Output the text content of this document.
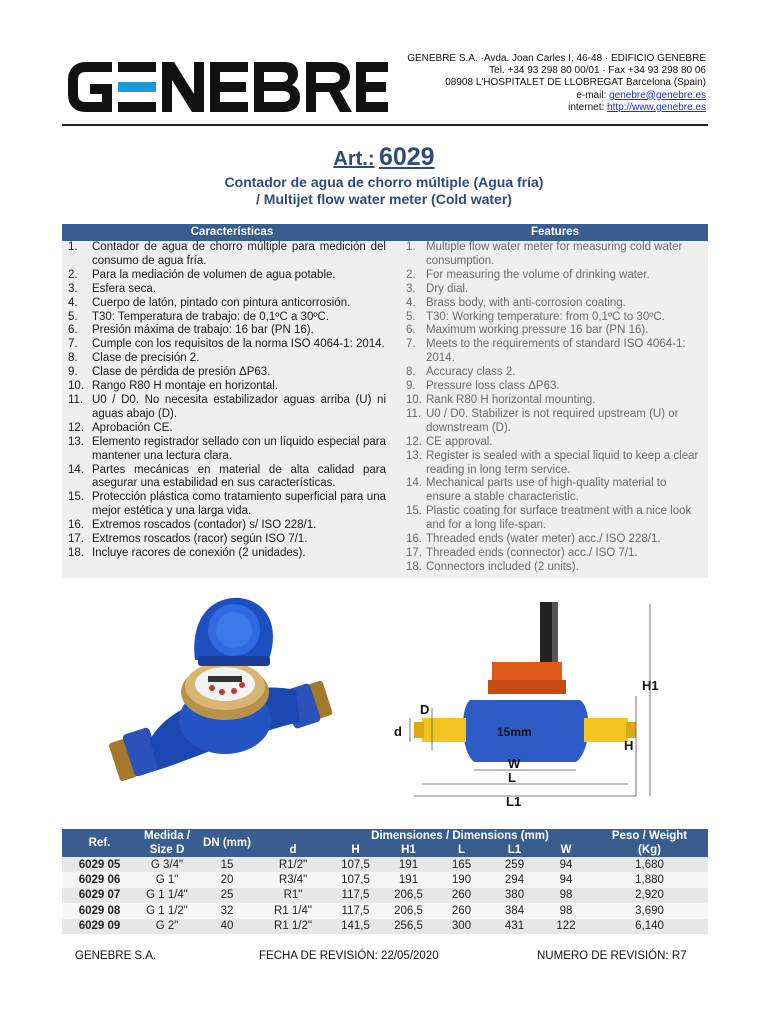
GENEBRE S.A. ·Avda. Joan Carles I, 46-48 · EDIFICIO GENEBRE
Tel. +34 93 298 80 00/01 · Fax +34 93 298 80 06
08908 L'HOSPITALET DE LLOBREGAT Barcelona (Spain)
e-mail: genebre@genebre.es
internet: http://www.genebre.es
Art.: 6029
Contador de agua de chorro múltiple (Agua fría)
/ Multijet flow water meter (Cold water)
Características	Features
1. Contador de agua de chorro múltiple para medición del consumo de agua fría.
2. Para la mediación de volumen de agua potable.
3. Esfera seca.
4. Cuerpo de latón, pintado con pintura anticorrosión.
5. T30: Temperatura de trabajo: de 0,1ºC a 30ºC.
6. Presión máxima de trabajo: 16 bar (PN 16).
7. Cumple con los requisitos de la norma ISO 4064-1: 2014.
8. Clase de precisión 2.
9. Clase de pérdida de presión ΔP63.
10. Rango R80 H montaje en horizontal.
11. U0 / D0. No necesita estabilizador aguas arriba (U) ni aguas abajo (D).
12. Aprobación CE.
13. Elemento registrador sellado con un líquido especial para mantener una lectura clara.
14. Partes mecánicas en material de alta calidad para asegurar una estabilidad en sus características.
15. Protección plástica como tratamiento superficial para una mejor estética y una larga vida.
16. Extremos roscados (contador) s/ ISO 228/1.
17. Extremos roscados (racor) según ISO 7/1.
18. Incluye racores de conexión (2 unidades).
1. Multiple flow water meter for measuring cold water consumption.
2. For measuring the volume of drinking water.
3. Dry dial.
4. Brass body, with anti-corrosion coating.
5. T30: Working temperature: from 0,1ºC to 30ºC.
6. Maximum working pressure 16 bar (PN 16).
7. Meets to the requirements of standard ISO 4064-1: 2014.
8. Accuracy class 2.
9. Pressure loss class ΔP63.
10. Rank R80 H horizontal mounting.
11. U0 / D0. Stabilizer is not required upstream (U) or downstream (D).
12. CE approval.
13. Register is sealed with a special liquid to keep a clear reading in long term service.
14. Mechanical parts use of high-quality material to ensure a stable characteristic.
15. Plastic coating for surface treatment with a nice look and for a long life-span.
16. Threaded ends (water meter) acc./ ISO 228/1.
17. Threaded ends (connector) acc./ ISO 7/1.
18. Connectors included (2 units).
15mm
H1
H
D
d
W
L
L1
Ref.	Medida /	DN (mm)		Dimensiones / Dimensions (mm)					Peso / Weight
	Size D		d	H	H1	L	L1	W	(Kg)
6029 05	G 3/4"	15	R1/2"	107,5	191	165	259	94	1,680
6029 06	G 1"	20	R3/4"	107,5	191	190	294	94	1,880
6029 07	G 1 1/4"	25	R1"	117,5	206,5	260	380	98	2,920
6029 08	G 1 1/2"	32	R1 1/4"	117,5	206,5	260	384	98	3,690
6029 09	G 2"	40	R1 1/2"	141,5	256,5	300	431	122	6,140
GENEBRE S.A.	FECHA DE REVISIÓN: 22/05/2020	NUMERO DE REVISIÓN: R7
